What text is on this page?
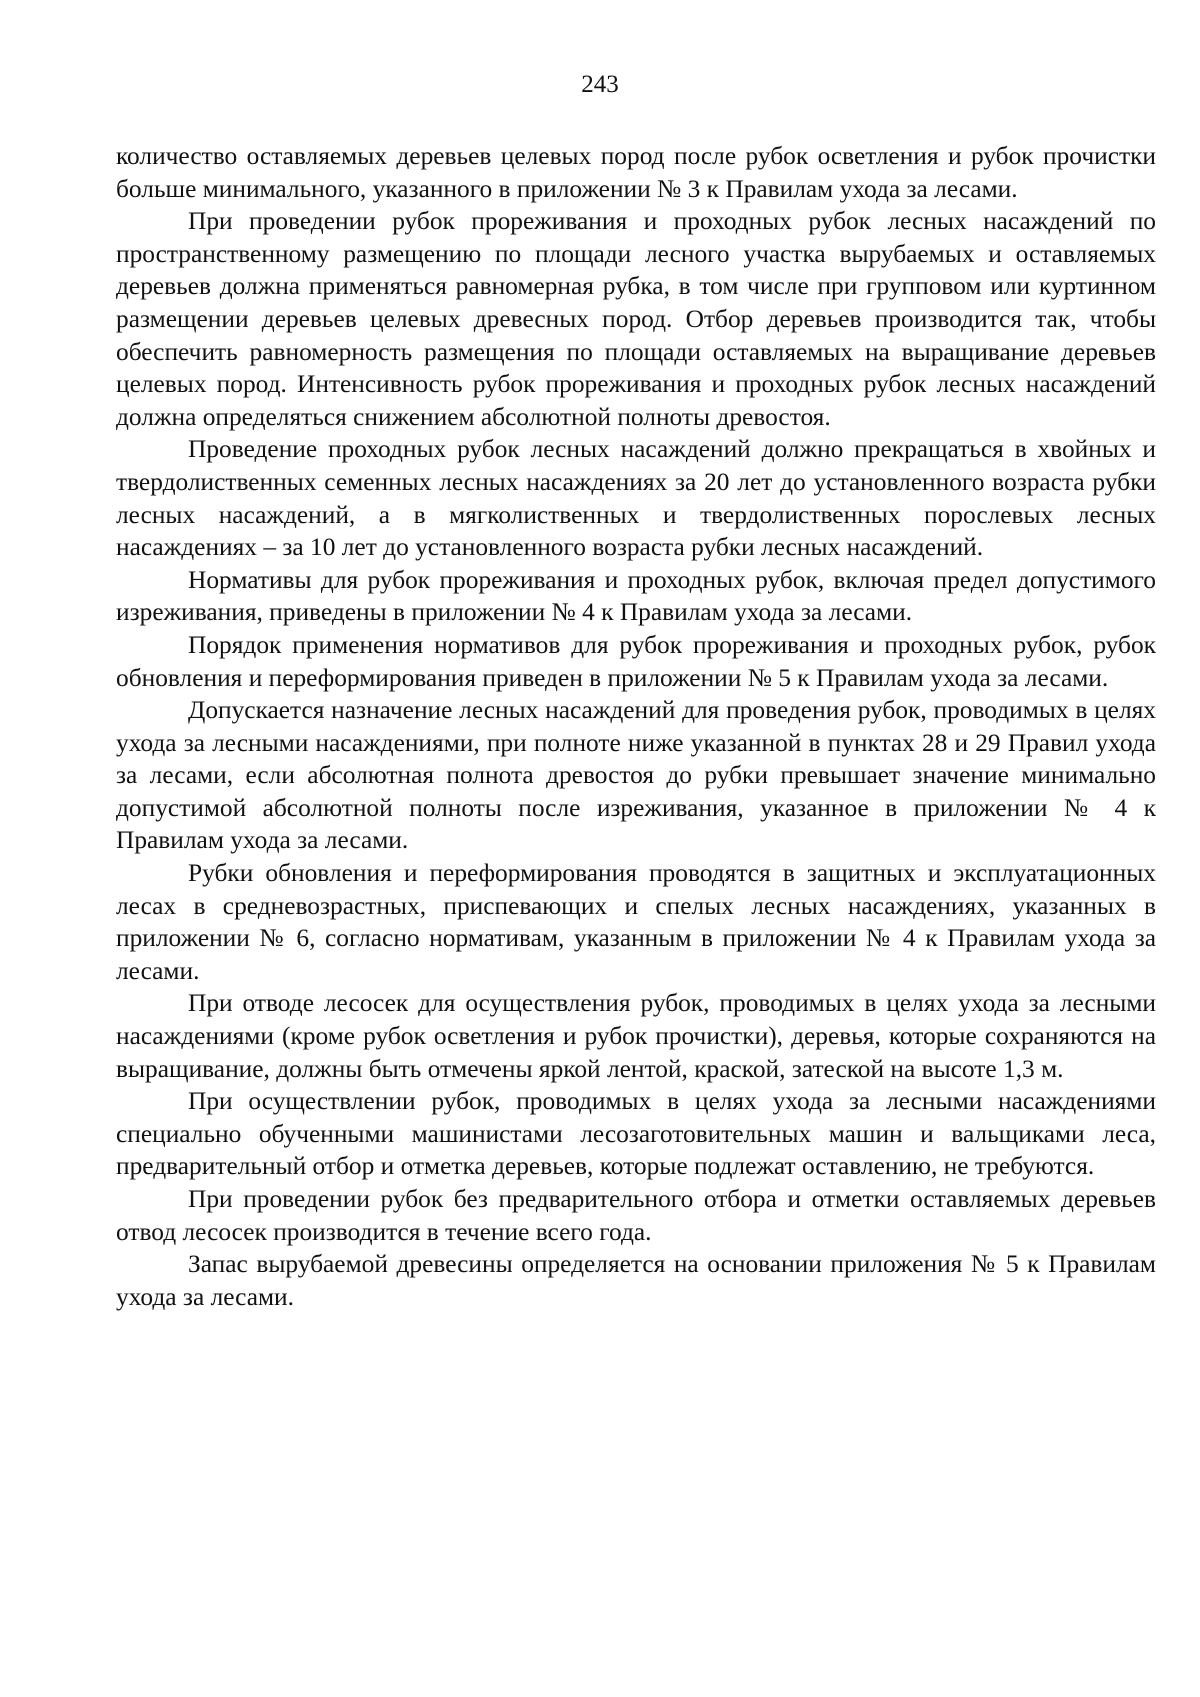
243

количество оставляемых деревьев целевых пород после рубок осветления и рубок прочистки больше минимального, указанного в приложении № 3 к Правилам ухода за лесами.

При проведении рубок прореживания и проходных рубок лесных насаждений по пространственному размещению по площади лесного участка вырубаемых и оставляемых деревьев должна применяться равномерная рубка, в том числе при групповом или куртинном размещении деревьев целевых древесных пород. Отбор деревьев производится так, чтобы обеспечить равномерность размещения по площади оставляемых на выращивание деревьев целевых пород. Интенсивность рубок прореживания и проходных рубок лесных насаждений должна определяться снижением абсолютной полноты древостоя.

Проведение проходных рубок лесных насаждений должно прекращаться в хвойных и твердолиственных семенных лесных насаждениях за 20 лет до установленного возраста рубки лесных насаждений, а в мягколиственных и твердолиственных порослевых лесных насаждениях – за 10 лет до установленного возраста рубки лесных насаждений.

Нормативы для рубок прореживания и проходных рубок, включая предел допустимого изреживания, приведены в приложении № 4 к Правилам ухода за лесами.

Порядок применения нормативов для рубок прореживания и проходных рубок, рубок обновления и переформирования приведен в приложении № 5 к Правилам ухода за лесами.

Допускается назначение лесных насаждений для проведения рубок, проводимых в целях ухода за лесными насаждениями, при полноте ниже указанной в пунктах 28 и 29 Правил ухода за лесами, если абсолютная полнота древостоя до рубки превышает значение минимально допустимой абсолютной полноты после изреживания, указанное в приложении № 4 к Правилам ухода за лесами.

Рубки обновления и переформирования проводятся в защитных и эксплуатационных лесах в средневозрастных, приспевающих и спелых лесных насаждениях, указанных в приложении № 6, согласно нормативам, указанным в приложении № 4 к Правилам ухода за лесами.

При отводе лесосек для осуществления рубок, проводимых в целях ухода за лесными насаждениями (кроме рубок осветления и рубок прочистки), деревья, которые сохраняются на выращивание, должны быть отмечены яркой лентой, краской, затеской на высоте 1,3 м.

При осуществлении рубок, проводимых в целях ухода за лесными насаждениями специально обученными машинистами лесозаготовительных машин и вальщиками леса, предварительный отбор и отметка деревьев, которые подлежат оставлению, не требуются.

При проведении рубок без предварительного отбора и отметки оставляемых деревьев отвод лесосек производится в течение всего года.

Запас вырубаемой древесины определяется на основании приложения № 5 к Правилам ухода за лесами.
